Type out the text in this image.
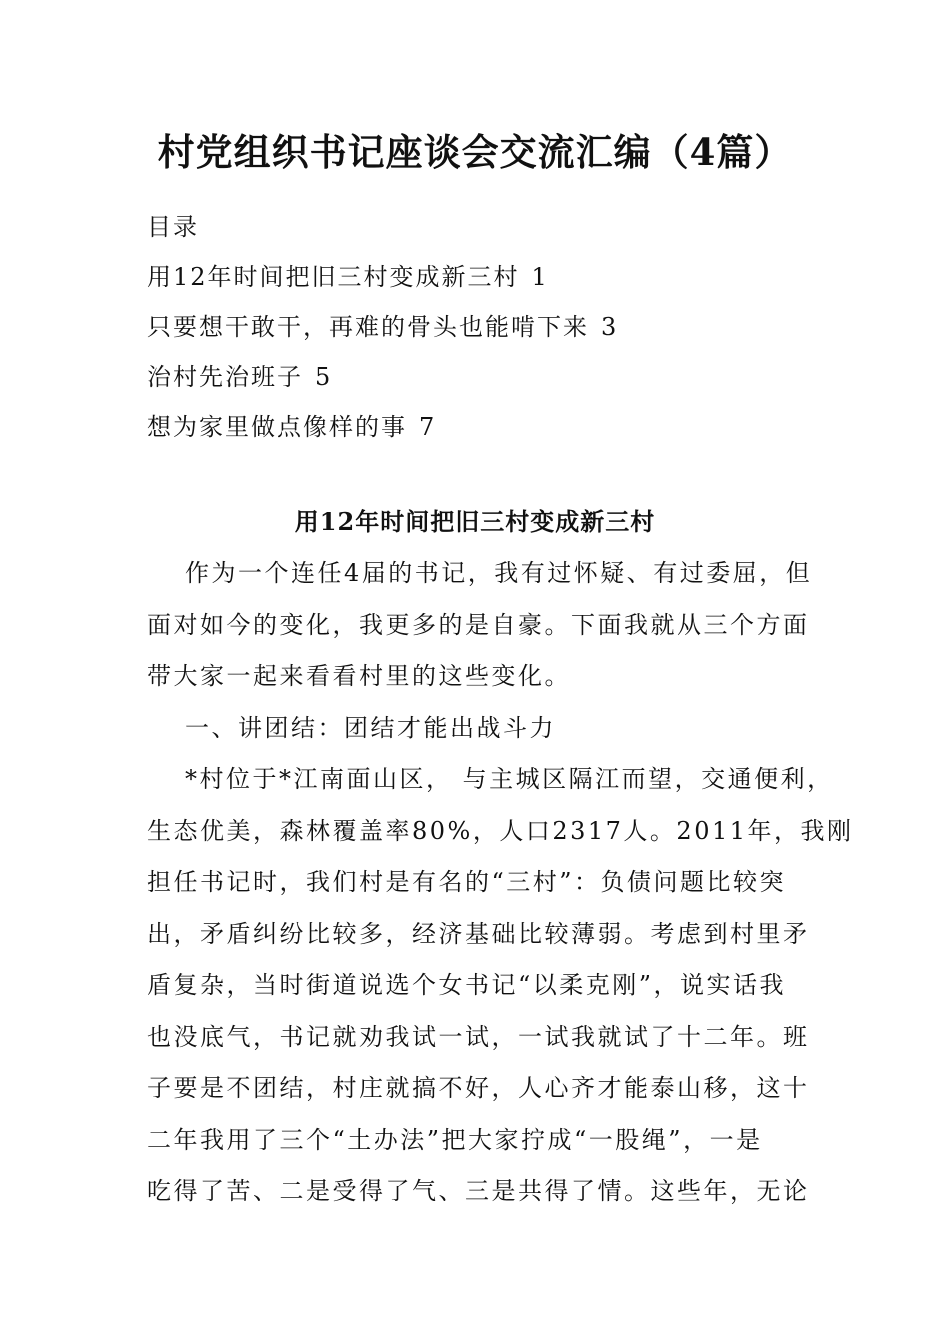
村党组织书记座谈会交流汇编（4篇）
目录
用12年时间把旧三村变成新三村 1
只要想干敢干，再难的骨头也能啃下来 3
治村先治班子 5
想为家里做点像样的事 7
用12年时间把旧三村变成新三村
作为一个连任4届的书记，我有过怀疑、有过委屈，但
面对如今的变化，我更多的是自豪。下面我就从三个方面
带大家一起来看看村里的这些变化。
一、讲团结：团结才能出战斗力
*村位于*江南面山区， 与主城区隔江而望，交通便利，
生态优美，森林覆盖率80%，人口2317人。2011年，我刚
担任书记时，我们村是有名的“三村”：负债问题比较突
出，矛盾纠纷比较多，经济基础比较薄弱。考虑到村里矛
盾复杂，当时街道说选个女书记“以柔克刚”，说实话我
也没底气，书记就劝我试一试，一试我就试了十二年。班
子要是不团结，村庄就搞不好，人心齐才能泰山移，这十
二年我用了三个“土办法”把大家拧成“一股绳”，一是
吃得了苦、二是受得了气、三是共得了情。这些年，无论
